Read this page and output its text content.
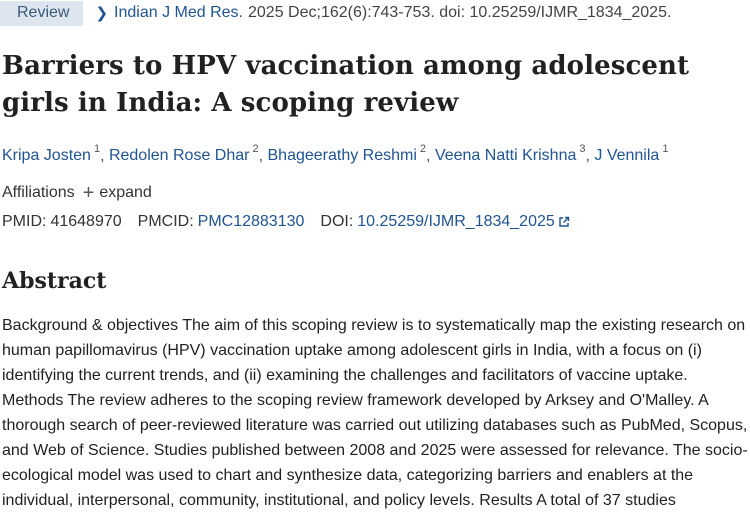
Review	❯ Indian J Med Res. 2025 Dec;162(6):743-753. doi: 10.25259/IJMR_1834_2025.
Barriers to HPV vaccination among adolescent girls in India: A scoping review
Kripa Josten $^1$, Redolen Rose Dhar $^2$, Bhageerathy Reshmi $^2$, Veena Natti Krishna $^3$, J Vennila $^1$
Affiliations + expand
PMID: 41648970 PMCID: PMC12883130 DOI: 10.25259/IJMR_1834_2025
Abstract

Background & objectives The aim of this scoping review is to systematically map the existing research on human papillomavirus (HPV) vaccination uptake among adolescent girls in India, with a focus on (i) identifying the current trends, and (ii) examining the challenges and facilitators of vaccine uptake. Methods The review adheres to the scoping review framework developed by Arksey and O'Malley. A thorough search of peer-reviewed literature was carried out utilizing databases such as PubMed, Scopus, and Web of Science. Studies published between 2008 and 2025 were assessed for relevance. The socio-ecological model was used to chart and synthesize data, categorizing barriers and enablers at the individual, interpersonal, community, institutional, and policy levels. Results A total of 37 studies
